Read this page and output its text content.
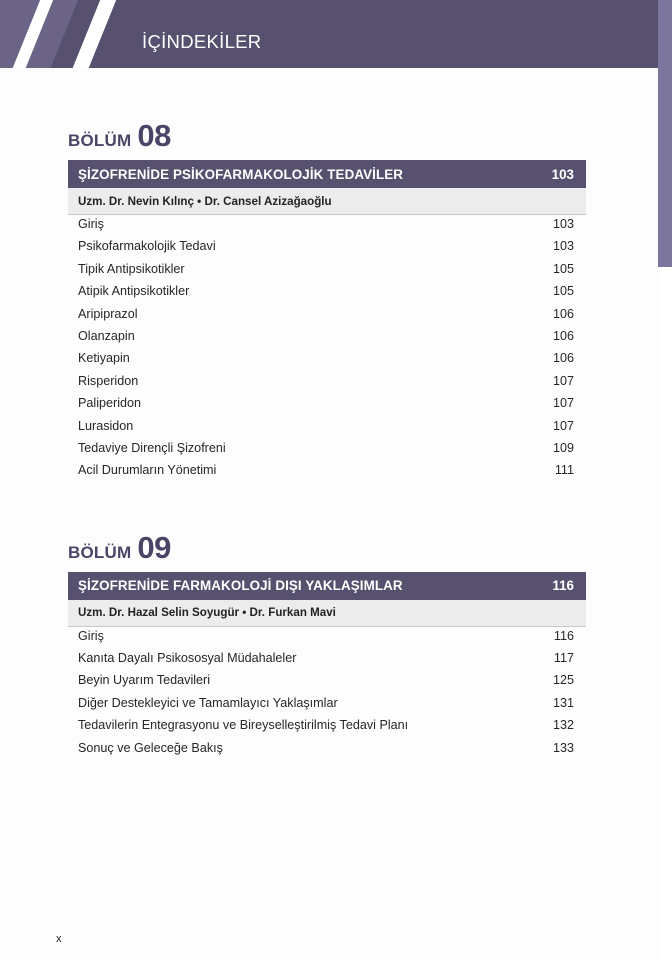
İÇİNDEKİLER
BÖLÜM 08
ŞİZOFRENİDE PSİKOFARMAKOLOJİK TEDAVİLER	103
Uzm. Dr. Nevin Kılınç • Dr. Cansel Azizağaoğlu
Giriş	103
Psikofarmakolojik Tedavi	103
Tipik Antipsikotikler	105
Atipik Antipsikotikler	105
Aripiprazol	106
Olanzapin	106
Ketiyapin	106
Risperidon	107
Paliperidon	107
Lurasidon	107
Tedaviye Dirençli Şizofreni	109
Acil Durumların Yönetimi	111
BÖLÜM 09
ŞİZOFRENİDE FARMAKOLOJİ DIŞI YAKLAŞIMLAR	116
Uzm. Dr. Hazal Selin Soyugür • Dr. Furkan Mavi
Giriş	116
Kanıta Dayalı Psikososyal Müdahaleler	117
Beyin Uyarım Tedavileri	125
Diğer Destekleyici ve Tamamlayıcı Yaklaşımlar	131
Tedavilerin Entegrasyonu ve Bireyselleştirilmiş Tedavi Planı	132
Sonuç ve Geleceğe Bakış	133
x
